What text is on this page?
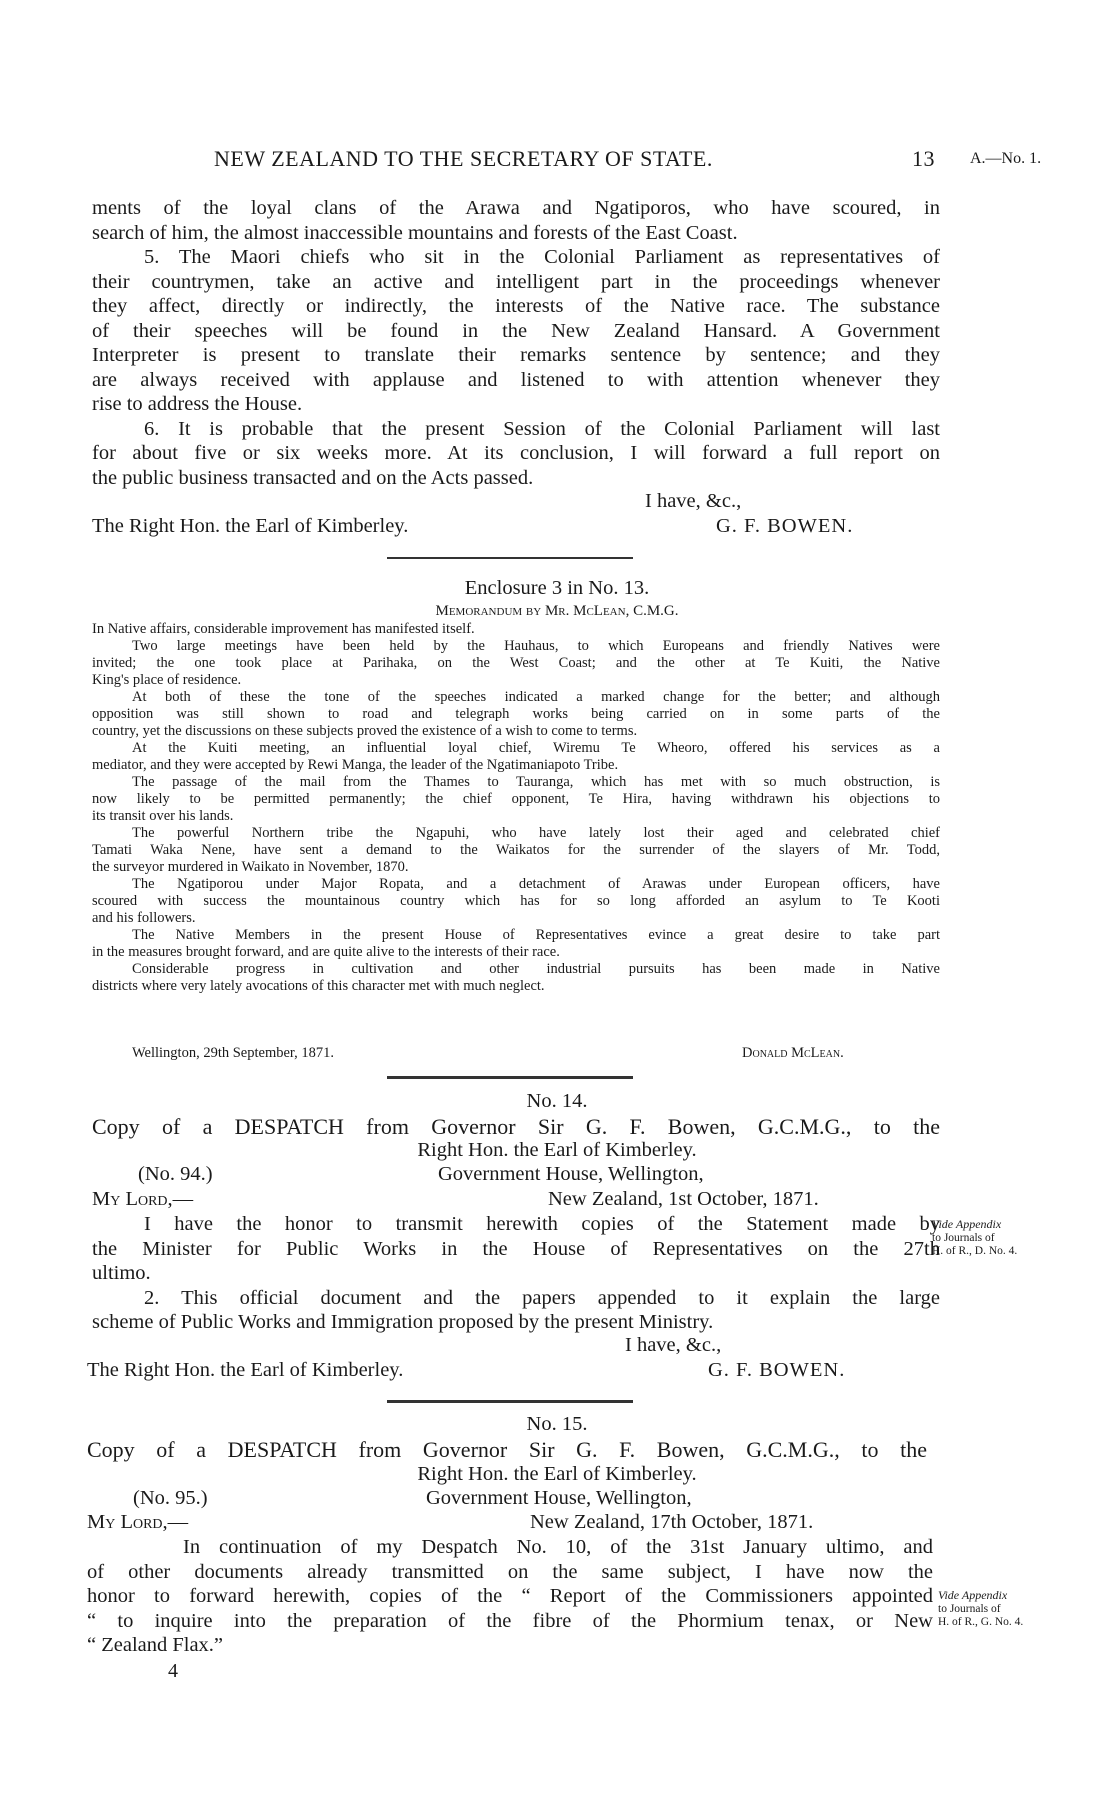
NEW ZEALAND TO THE SECRETARY OF STATE.	13 A.—No. 1.
ments of the loyal clans of the Arawa and Ngatiporos, who have scoured, in
search of him, the almost inaccessible mountains and forests of the East Coast.
5. The Maori chiefs who sit in the Colonial Parliament as representatives of
their countrymen, take an active and intelligent part in the proceedings whenever
they affect, directly or indirectly, the interests of the Native race. The substance
of their speeches will be found in the New Zealand Hansard. A Government
Interpreter is present to translate their remarks sentence by sentence; and they
are always received with applause and listened to with attention whenever they
rise to address the House.
6. It is probable that the present Session of the Colonial Parliament will last
for about five or six weeks more. At its conclusion, I will forward a full report on
the public business transacted and on the Acts passed.
I have, &c.,
The Right Hon. the Earl of Kimberley.	G. F. BOWEN.
Enclosure 3 in No. 13.
Memorandum by Mr. McLean, C.M.G.
In Native affairs, considerable improvement has manifested itself.
Two large meetings have been held by the Hauhaus, to which Europeans and friendly Natives were
invited; the one took place at Parihaka, on the West Coast; and the other at Te Kuiti, the Native
King's place of residence.
At both of these the tone of the speeches indicated a marked change for the better; and although
opposition was still shown to road and telegraph works being carried on in some parts of the
country, yet the discussions on these subjects proved the existence of a wish to come to terms.
At the Kuiti meeting, an influential loyal chief, Wiremu Te Wheoro, offered his services as a
mediator, and they were accepted by Rewi Manga, the leader of the Ngatimaniapoto Tribe.
The passage of the mail from the Thames to Tauranga, which has met with so much obstruction, is
now likely to be permitted permanently; the chief opponent, Te Hira, having withdrawn his objections to
its transit over his lands.
The powerful Northern tribe the Ngapuhi, who have lately lost their aged and celebrated chief
Tamati Waka Nene, have sent a demand to the Waikatos for the surrender of the slayers of Mr. Todd,
the surveyor murdered in Waikato in November, 1870.
The Ngatiporou under Major Ropata, and a detachment of Arawas under European officers, have
scoured with success the mountainous country which has for so long afforded an asylum to Te Kooti
and his followers.
The Native Members in the present House of Representatives evince a great desire to take part
in the measures brought forward, and are quite alive to the interests of their race.
Considerable progress in cultivation and other industrial pursuits has been made in Native
districts where very lately avocations of this character met with much neglect.
Wellington, 29th September, 1871.	Donald McLean.
No. 14.
Copy of a DESPATCH from Governor Sir G. F. Bowen, G.C.M.G., to the
Right Hon. the Earl of Kimberley.
(No. 94.)	Government House, Wellington,
My Lord,—	New Zealand, 1st October, 1871.
I have the honor to transmit herewith copies of the Statement made by
the Minister for Public Works in the House of Representatives on the 27th
ultimo.
2. This official document and the papers appended to it explain the large
scheme of Public Works and Immigration proposed by the present Ministry.
I have, &c.,
The Right Hon. the Earl of Kimberley.	G. F. BOWEN.
Vide Appendix
to Journals of
H. of R., D. No. 4.
No. 15.
Copy of a DESPATCH from Governor Sir G. F. Bowen, G.C.M.G., to the
Right Hon. the Earl of Kimberley.
(No. 95.)	Government House, Wellington,
My Lord,—	New Zealand, 17th October, 1871.
In continuation of my Despatch No. 10, of the 31st January ultimo, and
of other documents already transmitted on the same subject, I have now the
honor to forward herewith, copies of the “ Report of the Commissioners appointed
“ to inquire into the preparation of the fibre of the Phormium tenax, or New
“ Zealand Flax.”
Vide Appendix
to Journals of
H. of R., G. No. 4.
4
